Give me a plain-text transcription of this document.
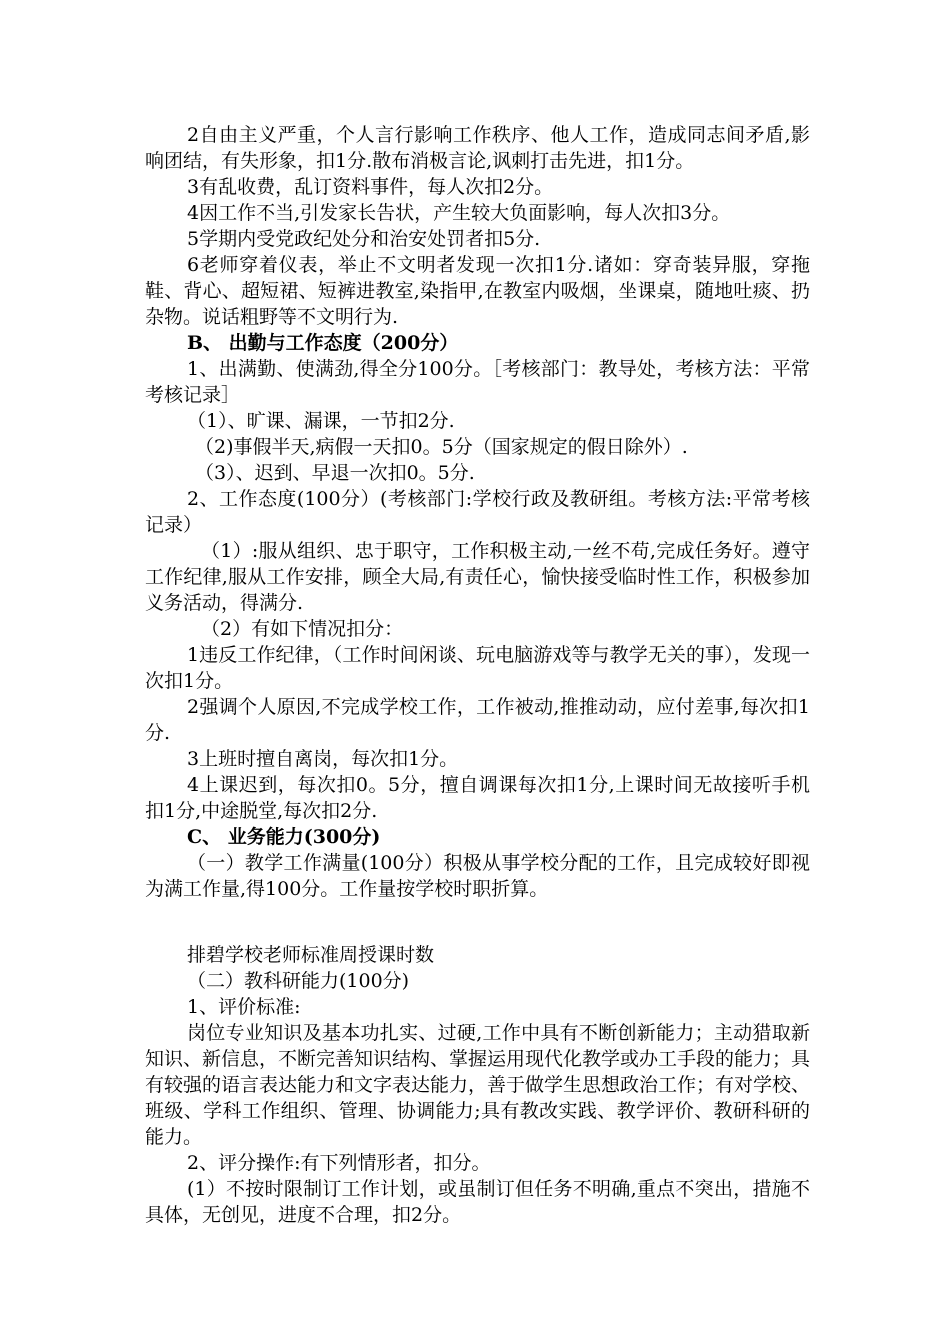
2自由主义严重，个人言行影响工作秩序、他人工作，造成同志间矛盾,影响团结，有失形象，扣1分.散布消极言论,讽刺打击先进，扣1分。

3有乱收费，乱订资料事件，每人次扣2分。

4因工作不当,引发家长告状，产生较大负面影响，每人次扣3分。

5学期内受党政纪处分和治安处罚者扣5分.

6老师穿着仪表，举止不文明者发现一次扣1分.诸如：穿奇装异服，穿拖鞋、背心、超短裙、短裤进教室,染指甲,在教室内吸烟，坐课桌，随地吐痰、扔杂物。说话粗野等不文明行为.

B、 出勤与工作态度（200分）

1、出满勤、使满劲,得全分100分。［考核部门：教导处，考核方法：平常考核记录］

（1）、旷课、漏课，一节扣2分.

（2)事假半天,病假一天扣0。5分（国家规定的假日除外）.

（3）、迟到、早退一次扣0。5分.

2、工作态度(100分）(考核部门:学校行政及教研组。考核方法:平常考核记录）

（1）:服从组织、忠于职守，工作积极主动,一丝不苟,完成任务好。遵守工作纪律,服从工作安排，顾全大局,有责任心，愉快接受临时性工作，积极参加义务活动，得满分.

（2）有如下情况扣分：

1违反工作纪律，（工作时间闲谈、玩电脑游戏等与教学无关的事），发现一次扣1分。

2强调个人原因,不完成学校工作，工作被动,推推动动，应付差事,每次扣1分.

3上班时擅自离岗，每次扣1分。

4上课迟到，每次扣0。5分，擅自调课每次扣1分,上课时间无故接听手机扣1分,中途脱堂,每次扣2分.

C、 业务能力(300分)

（一）教学工作满量(100分）积极从事学校分配的工作，且完成较好即视为满工作量,得100分。工作量按学校时职折算。

排碧学校老师标准周授课时数

（二）教科研能力(100分)

1、评价标准:

岗位专业知识及基本功扎实、过硬,工作中具有不断创新能力；主动猎取新知识、新信息，不断完善知识结构、掌握运用现代化教学或办工手段的能力；具有较强的语言表达能力和文字表达能力，善于做学生思想政治工作；有对学校、班级、学科工作组织、管理、协调能力;具有教改实践、教学评价、教研科研的能力。

2、评分操作:有下列情形者，扣分。

(1）不按时限制订工作计划，或虽制订但任务不明确,重点不突出，措施不具体，无创见，进度不合理，扣2分。
